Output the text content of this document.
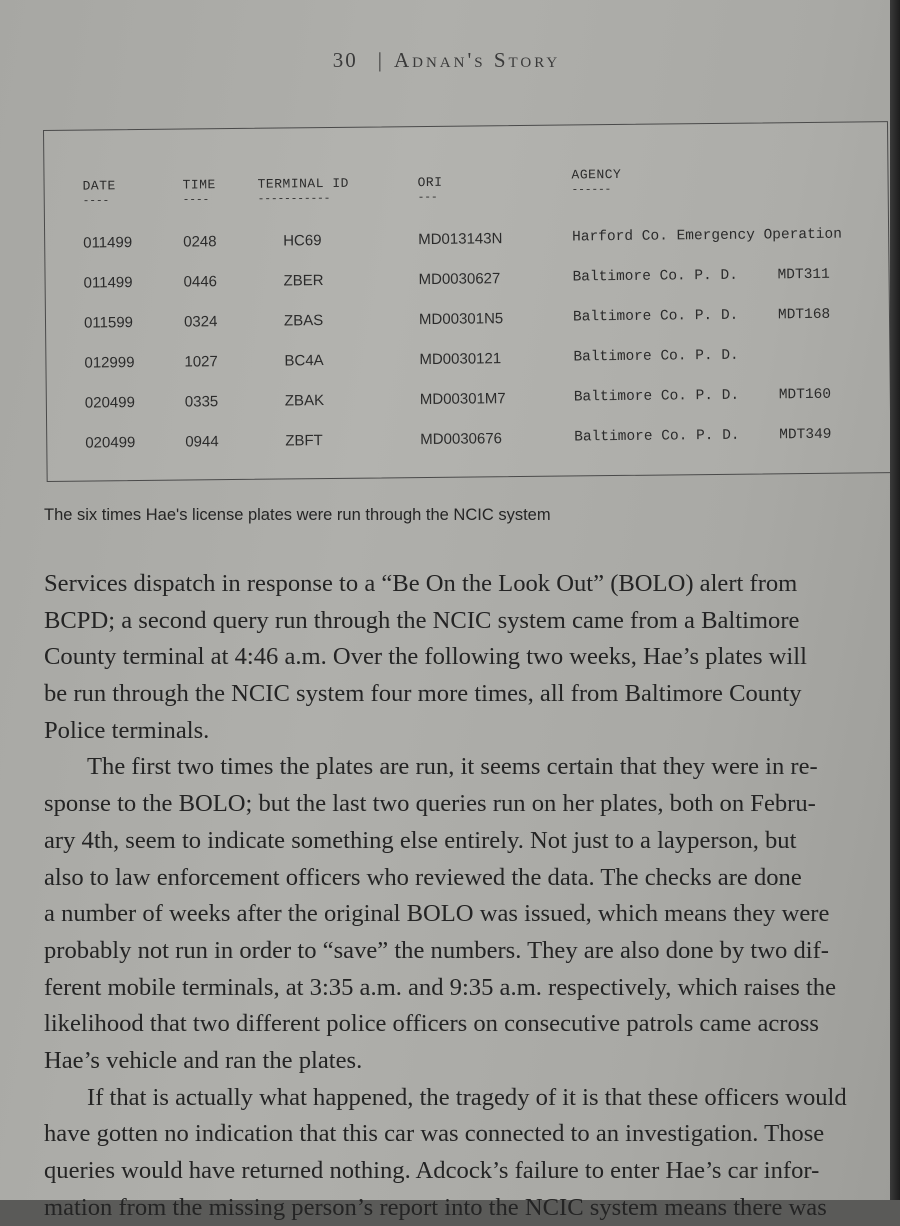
30 | Adnan's Story
DATE	TIME	TERMINAL ID	ORI	AGENCY
----	----	-----------	---
------
011499	0248	HC69	MD013143N	Harford Co. Emergency Operation
011499	0446	ZBER	MD0030627	Baltimore Co. P. D.	MDT311
011599	0324	ZBAS	MD00301N5	Baltimore Co. P. D.	MDT168
012999	1027	BC4A	MD0030121	Baltimore Co. P. D.
020499	0335	ZBAK	MD00301M7	Baltimore Co. P. D.	MDT160
020499	0944	ZBFT	MD0030676	Baltimore Co. P. D.	MDT349
The six times Hae's license plates were run through the NCIC system
Services dispatch in response to a “Be On the Look Out” (BOLO) alert from
BCPD; a second query run through the NCIC system came from a Baltimore
County terminal at 4:46 a.m. Over the following two weeks, Hae’s plates will
be run through the NCIC system four more times, all from Baltimore County
Police terminals.
The first two times the plates are run, it seems certain that they were in re-
sponse to the BOLO; but the last two queries run on her plates, both on Febru-
ary 4th, seem to indicate something else entirely. Not just to a layperson, but
also to law enforcement officers who reviewed the data. The checks are done
a number of weeks after the original BOLO was issued, which means they were
probably not run in order to “save” the numbers. They are also done by two dif-
ferent mobile terminals, at 3:35 a.m. and 9:35 a.m. respectively, which raises the
likelihood that two different police officers on consecutive patrols came across
Hae’s vehicle and ran the plates.
If that is actually what happened, the tragedy of it is that these officers would
have gotten no indication that this car was connected to an investigation. Those
queries would have returned nothing. Adcock’s failure to enter Hae’s car infor-
mation from the missing person’s report into the NCIC system means there was
